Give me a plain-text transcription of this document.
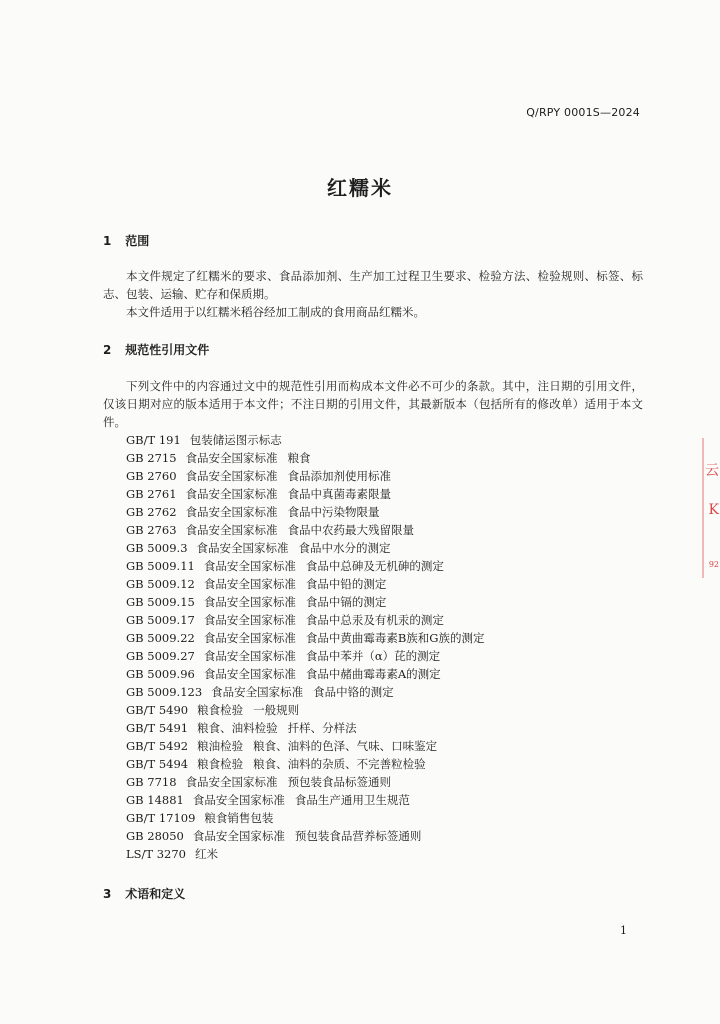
Q/RPY 0001S—2024
红糯米
1 范围

本文件规定了红糯米的要求、食品添加剂、生产加工过程卫生要求、检验方法、检验规则、标签、标志、包装、运输、贮存和保质期。

本文件适用于以红糯米稻谷经加工制成的食用商品红糯米。

2 规范性引用文件

下列文件中的内容通过文中的规范性引用而构成本文件必不可少的条款。其中，注日期的引用文件，仅该日期对应的版本适用于本文件；不注日期的引用文件，其最新版本（包括所有的修改单）适用于本文件。

GB/T 191 包装储运图示标志
GB 2715 食品安全国家标准 粮食
GB 2760 食品安全国家标准 食品添加剂使用标准
GB 2761 食品安全国家标准 食品中真菌毒素限量
GB 2762 食品安全国家标准 食品中污染物限量
GB 2763 食品安全国家标准 食品中农药最大残留限量
GB 5009.3 食品安全国家标准 食品中水分的测定
GB 5009.11 食品安全国家标准 食品中总砷及无机砷的测定
GB 5009.12 食品安全国家标准 食品中铅的测定
GB 5009.15 食品安全国家标准 食品中镉的测定
GB 5009.17 食品安全国家标准 食品中总汞及有机汞的测定
GB 5009.22 食品安全国家标准 食品中黄曲霉毒素B族和G族的测定
GB 5009.27 食品安全国家标准 食品中苯并（α）芘的测定
GB 5009.96 食品安全国家标准 食品中赭曲霉毒素A的测定
GB 5009.123 食品安全国家标准 食品中铬的测定
GB/T 5490 粮食检验 一般规则
GB/T 5491 粮食、油料检验 扦样、分样法
GB/T 5492 粮油检验 粮食、油料的色泽、气味、口味鉴定
GB/T 5494 粮食检验 粮食、油料的杂质、不完善粒检验
GB 7718 食品安全国家标准 预包装食品标签通则
GB 14881 食品安全国家标准 食品生产通用卫生规范
GB/T 17109 粮食销售包装
GB 28050 食品安全国家标准 预包装食品营养标签通则
LS/T 3270 红米
3 术语和定义
1
云
K
92
